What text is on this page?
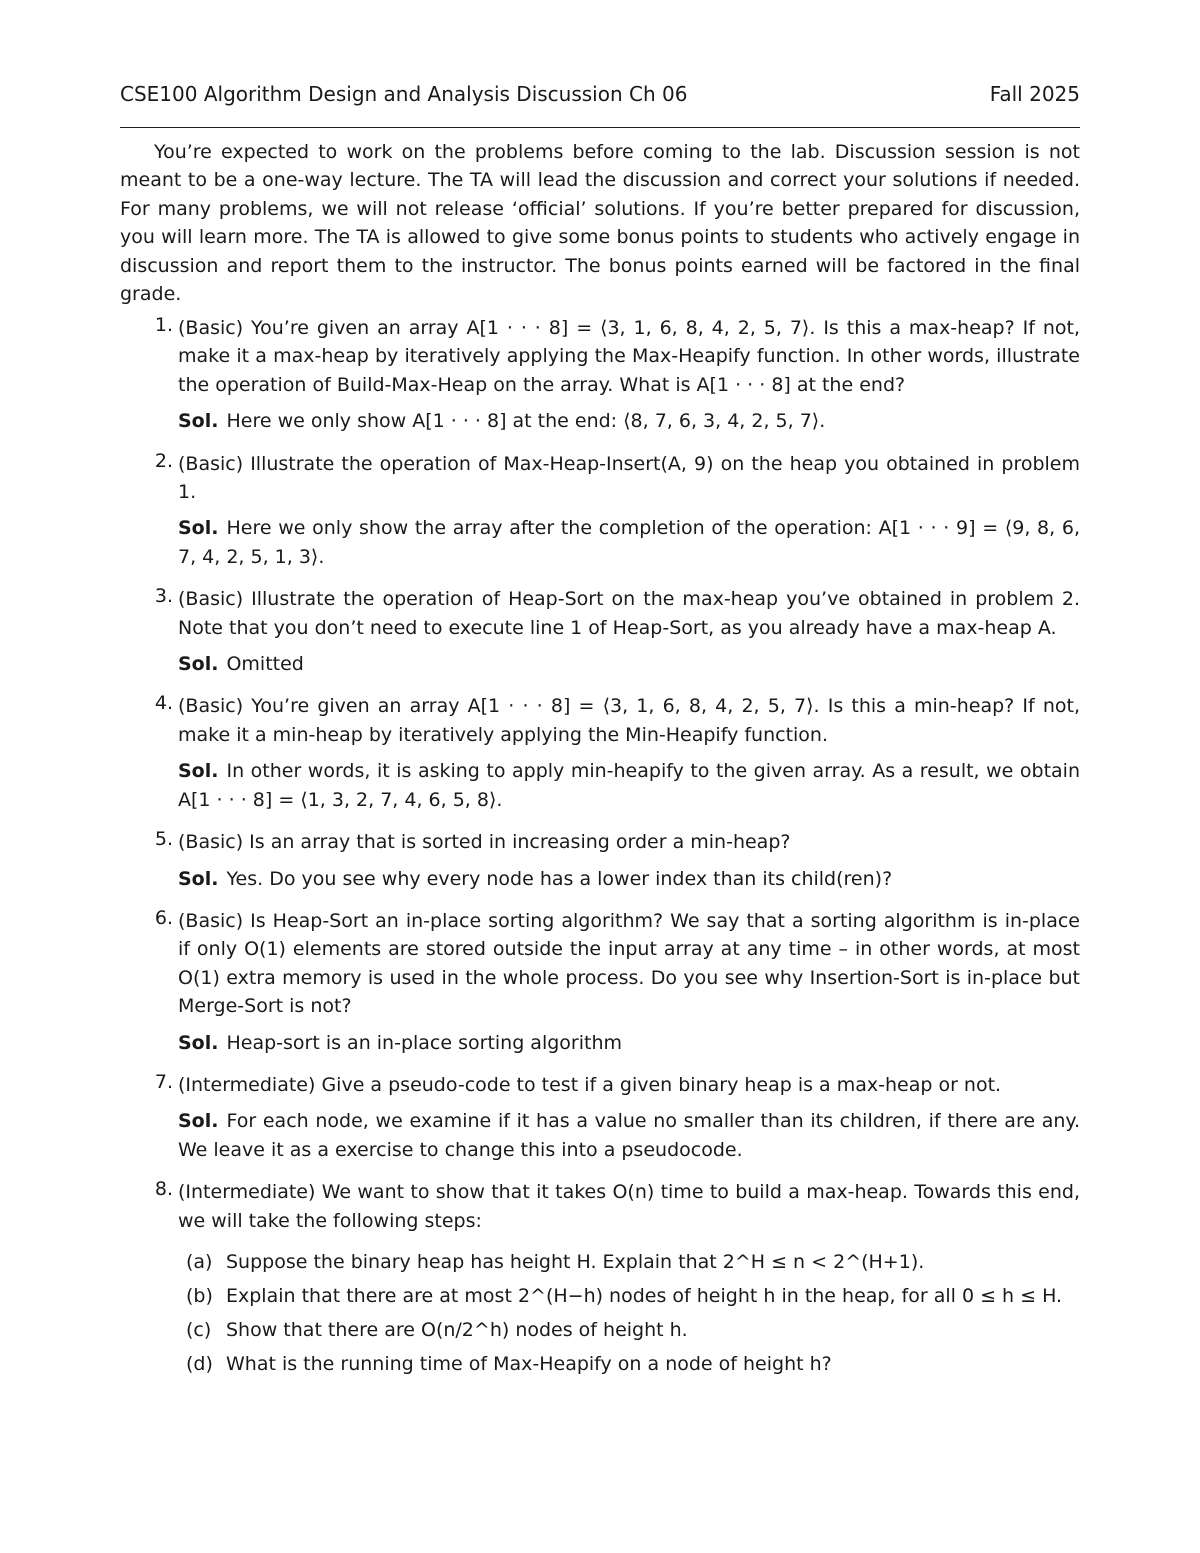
CSE100 Algorithm Design and Analysis Discussion Ch 06	Fall 2025

You’re expected to work on the problems before coming to the lab. Discussion session is not meant to be a one-way lecture. The TA will lead the discussion and correct your solutions if needed. For many problems, we will not release ‘official’ solutions. If you’re better prepared for discussion, you will learn more. The TA is allowed to give some bonus points to students who actively engage in discussion and report them to the instructor. The bonus points earned will be factored in the final grade.

1. (Basic) You’re given an array A[1 · · · 8] = ⟨3, 1, 6, 8, 4, 2, 5, 7⟩. Is this a max-heap? If not, make it a max-heap by iteratively applying the Max-Heapify function. In other words, illustrate the operation of Build-Max-Heap on the array. What is A[1 · · · 8] at the end?

Sol. Here we only show A[1 · · · 8] at the end: ⟨8, 7, 6, 3, 4, 2, 5, 7⟩.

2. (Basic) Illustrate the operation of Max-Heap-Insert(A, 9) on the heap you obtained in problem 1.

Sol. Here we only show the array after the completion of the operation: A[1 · · · 9] = ⟨9, 8, 6, 7, 4, 2, 5, 1, 3⟩.

3. (Basic) Illustrate the operation of Heap-Sort on the max-heap you’ve obtained in problem 2. Note that you don’t need to execute line 1 of Heap-Sort, as you already have a max-heap A.

Sol. Omitted

4. (Basic) You’re given an array A[1 · · · 8] = ⟨3, 1, 6, 8, 4, 2, 5, 7⟩. Is this a min-heap? If not, make it a min-heap by iteratively applying the Min-Heapify function.

Sol. In other words, it is asking to apply min-heapify to the given array. As a result, we obtain A[1 · · · 8] = ⟨1, 3, 2, 7, 4, 6, 5, 8⟩.

5. (Basic) Is an array that is sorted in increasing order a min-heap?

Sol. Yes. Do you see why every node has a lower index than its child(ren)?

6. (Basic) Is Heap-Sort an in-place sorting algorithm? We say that a sorting algorithm is in-place if only O(1) elements are stored outside the input array at any time – in other words, at most O(1) extra memory is used in the whole process. Do you see why Insertion-Sort is in-place but Merge-Sort is not?

Sol. Heap-sort is an in-place sorting algorithm

7. (Intermediate) Give a pseudo-code to test if a given binary heap is a max-heap or not.

Sol. For each node, we examine if it has a value no smaller than its children, if there are any. We leave it as a exercise to change this into a pseudocode.

8. (Intermediate) We want to show that it takes O(n) time to build a max-heap. Towards this end, we will take the following steps:

(a) Suppose the binary heap has height H. Explain that 2^H ≤ n < 2^(H+1).
(b) Explain that there are at most 2^(H−h) nodes of height h in the heap, for all 0 ≤ h ≤ H.
(c) Show that there are O(n/2^h) nodes of height h.
(d) What is the running time of Max-Heapify on a node of height h?
